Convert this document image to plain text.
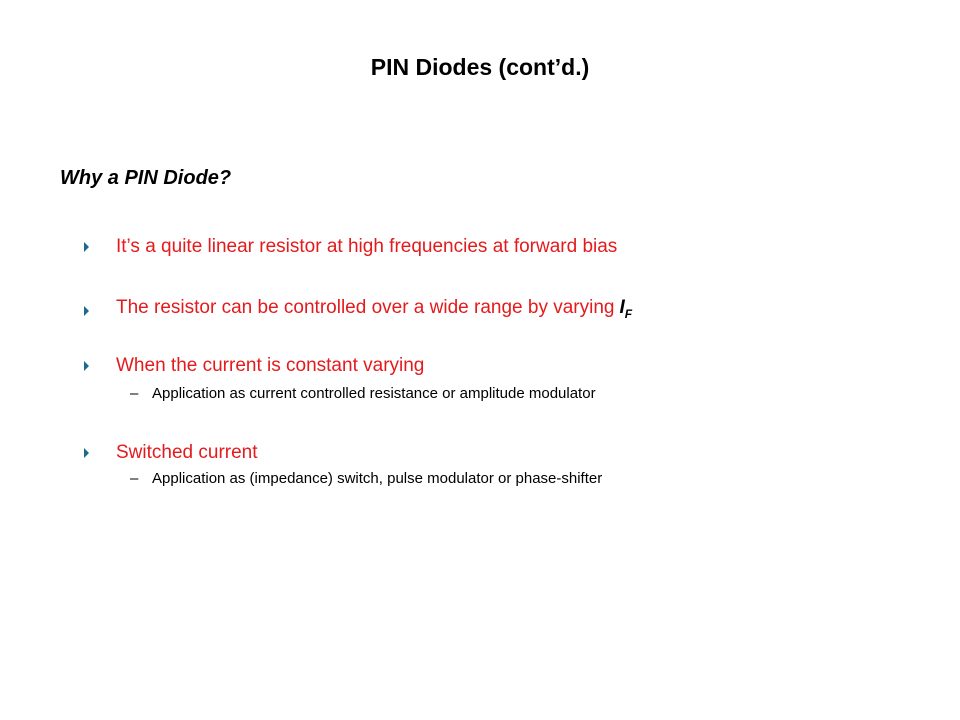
PIN Diodes (cont’d.)
Why a PIN Diode?
It’s a quite linear resistor at high frequencies at forward bias
The resistor can be controlled over a wide range by varying $I_F$
When the current is constant varying
– Application as current controlled resistance or amplitude modulator
Switched current
– Application as (impedance) switch, pulse modulator or phase-shifter
